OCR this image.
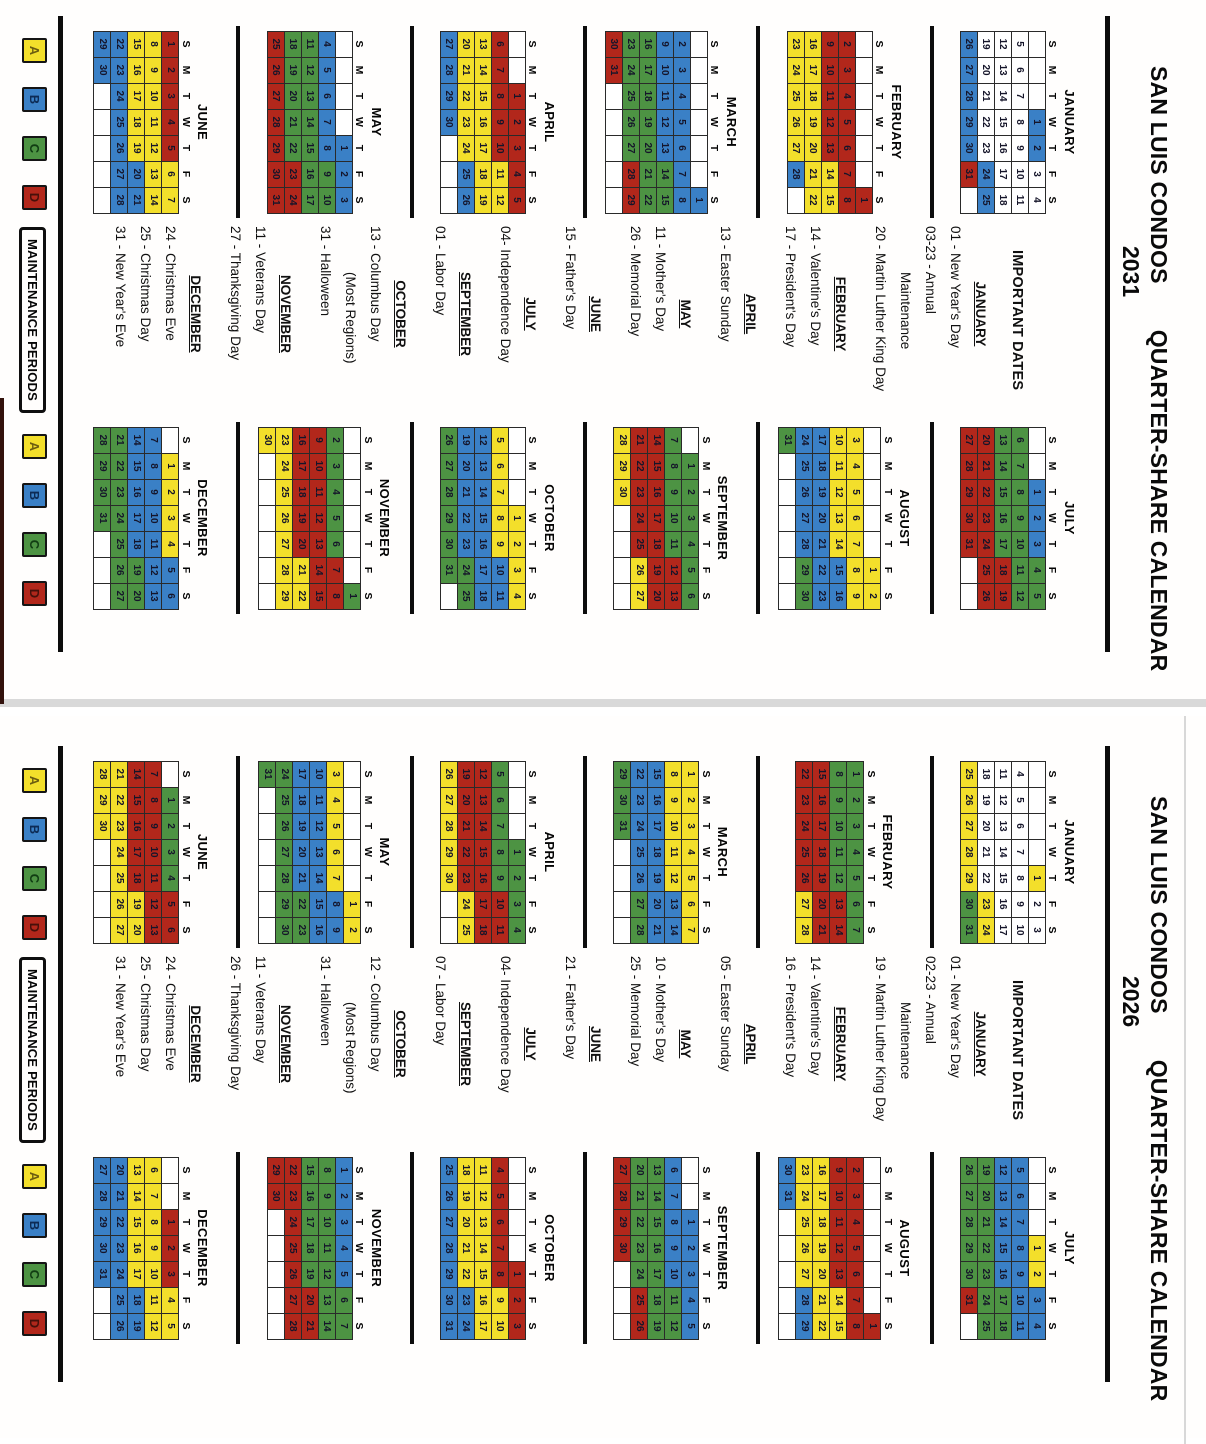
SAN LUIS CONDOS
QUARTER-SHARE CALENDAR
2031
JANUARY
S	M	T	W	T	F	S
			1	2	3	4
5	6	7	8	9	10	11
12	13	14	15	16	17	18
19	20	21	22	23	24	25
26	27	28	29	30	31	
FEBRUARY
S	M	T	W	T	F	S
						1
2	3	4	5	6	7	8
9	10	11	12	13	14	15
16	17	18	19	20	21	22
23	24	25	26	27	28	
MARCH
S	M	T	W	T	F	S
						1
2	3	4	5	6	7	8
9	10	11	12	13	14	15
16	17	18	19	20	21	22
23	24	25	26	27	28	29
30	31					
APRIL
S	M	T	W	T	F	S
		1	2	3	4	5
6	7	8	9	10	11	12
13	14	15	16	17	18	19
20	21	22	23	24	25	26
27	28	29	30			
MAY
S	M	T	W	T	F	S
				1	2	3
4	5	6	7	8	9	10
11	12	13	14	15	16	17
18	19	20	21	22	23	24
25	26	27	28	29	30	31
JUNE
S	M	T	W	T	F	S
1	2	3	4	5	6	7
8	9	10	11	12	13	14
15	16	17	18	19	20	21
22	23	24	25	26	27	28
29	30					
IMPORTANT DATES
JANUARY
01 - New Year's Day
03-23 - Annual
Maintenance
20 - Martin Luther King Day
FEBRUARY
14 - Valentine's Day
17 - President's Day
APRIL
13 - Easter Sunday
MAY
11 - Mother's Day
26 - Memorial Day
JUNE
15 - Father's Day
JULY
04- Independence Day
SEPTEMBER
01 - Labor Day
OCTOBER
13 - Columbus Day
(Most Regions)
31 - Halloween
NOVEMBER
11 - Veterans Day
27 - Thanksgiving Day
DECEMBER
24 - Christmas Eve
25 - Christmas Day
31 - New Year's Eve
JULY
S	M	T	W	T	F	S
		1	2	3	4	5
6	7	8	9	10	11	12
13	14	15	16	17	18	19
20	21	22	23	24	25	26
27	28	29	30	31		
AUGUST
S	M	T	W	T	F	S
					1	2
3	4	5	6	7	8	9
10	11	12	13	14	15	16
17	18	19	20	21	22	23
24	25	26	27	28	29	30
31						
SEPTEMBER
S	M	T	W	T	F	S
	1	2	3	4	5	6
7	8	9	10	11	12	13
14	15	16	17	18	19	20
21	22	23	24	25	26	27
28	29	30				
OCTOBER
S	M	T	W	T	F	S
			1	2	3	4
5	6	7	8	9	10	11
12	13	14	15	16	17	18
19	20	21	22	23	24	25
26	27	28	29	30	31	
NOVEMBER
S	M	T	W	T	F	S
						1
2	3	4	5	6	7	8
9	10	11	12	13	14	15
16	17	18	19	20	21	22
23	24	25	26	27	28	29
30						
DECEMBER
S	M	T	W	T	F	S
	1	2	3	4	5	6
7	8	9	10	11	12	13
14	15	16	17	18	19	20
21	22	23	24	25	26	27
28	29	30	31			
A
B
C
D
MAINTENANCE PERIODS
A
B
C
D
SAN LUIS CONDOS
QUARTER-SHARE CALENDAR
2026
JANUARY
S	M	T	W	T	F	S
				1	2	3
4	5	6	7	8	9	10
11	12	13	14	15	16	17
18	19	20	21	22	23	24
25	26	27	28	29	30	31
FEBRUARY
S	M	T	W	T	F	S
1	2	3	4	5	6	7
8	9	10	11	12	13	14
15	16	17	18	19	20	21
22	23	24	25	26	27	28
MARCH
S	M	T	W	T	F	S
1	2	3	4	5	6	7
8	9	10	11	12	13	14
15	16	17	18	19	20	21
22	23	24	25	26	27	28
29	30	31				
APRIL
S	M	T	W	T	F	S
			1	2	3	4
5	6	7	8	9	10	11
12	13	14	15	16	17	18
19	20	21	22	23	24	25
26	27	28	29	30		
MAY
S	M	T	W	T	F	S
					1	2
3	4	5	6	7	8	9
10	11	12	13	14	15	16
17	18	19	20	21	22	23
24	25	26	27	28	29	30
31						
JUNE
S	M	T	W	T	F	S
	1	2	3	4	5	6
7	8	9	10	11	12	13
14	15	16	17	18	19	20
21	22	23	24	25	26	27
28	29	30				
IMPORTANT DATES
JANUARY
01 - New Year's Day
02-23 - Annual
Maintenance
19 - Martin Luther King Day
FEBRUARY
14 - Valentine's Day
16 - President's Day
APRIL
05 - Easter Sunday
MAY
10 - Mother's Day
25 - Memorial Day
JUNE
21 - Father's Day
JULY
04- Independence Day
SEPTEMBER
07 - Labor Day
OCTOBER
12 - Columbus Day
(Most Regions)
31 - Halloween
NOVEMBER
11 - Veterans Day
26 - Thanksgiving Day
DECEMBER
24 - Christmas Eve
25 - Christmas Day
31 - New Year's Eve
JULY
S	M	T	W	T	F	S
			1	2	3	4
5	6	7	8	9	10	11
12	13	14	15	16	17	18
19	20	21	22	23	24	25
26	27	28	29	30	31	
AUGUST
S	M	T	W	T	F	S
						1
2	3	4	5	6	7	8
9	10	11	12	13	14	15
16	17	18	19	20	21	22
23	24	25	26	27	28	29
30	31					
SEPTEMBER
S	M	T	W	T	F	S
		1	2	3	4	5
6	7	8	9	10	11	12
13	14	15	16	17	18	19
20	21	22	23	24	25	26
27	28	29	30			
OCTOBER
S	M	T	W	T	F	S
				1	2	3
4	5	6	7	8	9	10
11	12	13	14	15	16	17
18	19	20	21	22	23	24
25	26	27	28	29	30	31
NOVEMBER
S	M	T	W	T	F	S
1	2	3	4	5	6	7
8	9	10	11	12	13	14
15	16	17	18	19	20	21
22	23	24	25	26	27	28
29	30					
DECEMBER
S	M	T	W	T	F	S
		1	2	3	4	5
6	7	8	9	10	11	12
13	14	15	16	17	18	19
20	21	22	23	24	25	26
27	28	29	30	31		
A
B
C
D
MAINTENANCE PERIODS
A
B
C
D
